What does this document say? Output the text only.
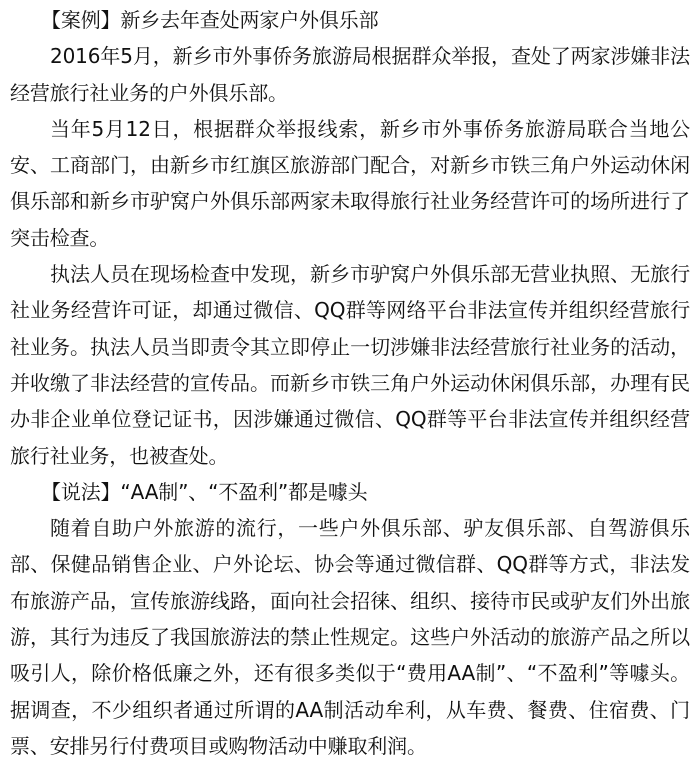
【案例】新乡去年查处两家户外俱乐部

2016年5月，新乡市外事侨务旅游局根据群众举报，查处了两家涉嫌非法经营旅行社业务的户外俱乐部。

当年5月12日，根据群众举报线索，新乡市外事侨务旅游局联合当地公安、工商部门，由新乡市红旗区旅游部门配合，对新乡市铁三角户外运动休闲俱乐部和新乡市驴窝户外俱乐部两家未取得旅行社业务经营许可的场所进行了突击检查。

执法人员在现场检查中发现，新乡市驴窝户外俱乐部无营业执照、无旅行社业务经营许可证，却通过微信、QQ群等网络平台非法宣传并组织经营旅行社业务。执法人员当即责令其立即停止一切涉嫌非法经营旅行社业务的活动，并收缴了非法经营的宣传品。而新乡市铁三角户外运动休闲俱乐部，办理有民办非企业单位登记证书，因涉嫌通过微信、QQ群等平台非法宣传并组织经营旅行社业务，也被查处。

【说法】“AA制”、“不盈利”都是噱头

随着自助户外旅游的流行，一些户外俱乐部、驴友俱乐部、自驾游俱乐部、保健品销售企业、户外论坛、协会等通过微信群、QQ群等方式，非法发布旅游产品，宣传旅游线路，面向社会招徕、组织、接待市民或驴友们外出旅游，其行为违反了我国旅游法的禁止性规定。这些户外活动的旅游产品之所以吸引人，除价格低廉之外，还有很多类似于“费用AA制”、“不盈利”等噱头。据调查，不少组织者通过所谓的AA制活动牟利，从车费、餐费、住宿费、门票、安排另行付费项目或购物活动中赚取利润。
